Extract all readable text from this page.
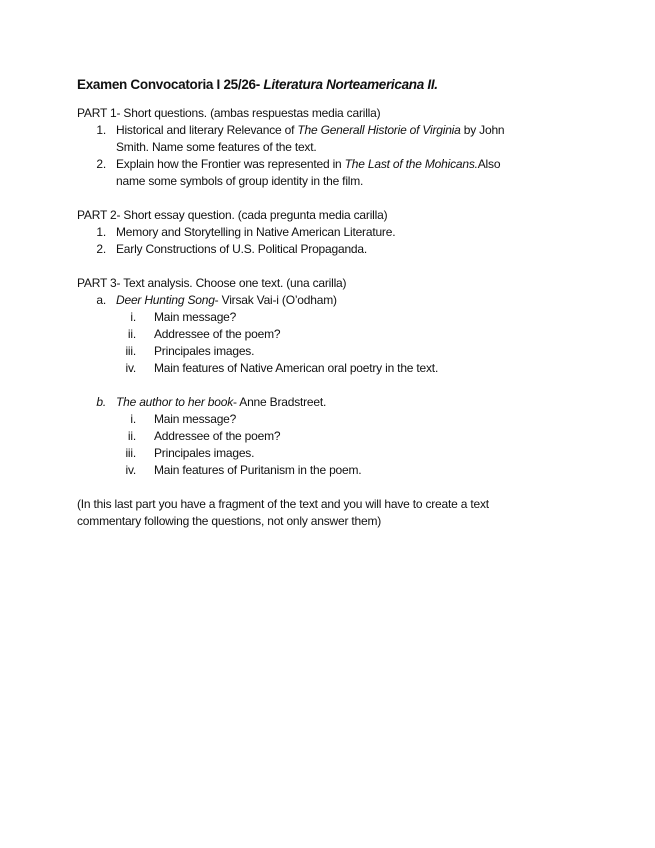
Examen Convocatoria I 25/26- Literatura Norteamericana II.
PART 1- Short questions. (ambas respuestas media carilla)
1. Historical and literary Relevance of The Generall Historie of Virginia by John
Smith. Name some features of the text.
2. Explain how the Frontier was represented in The Last of the Mohicans.Also
name some symbols of group identity in the film.
PART 2- Short essay question. (cada pregunta media carilla)
1. Memory and Storytelling in Native American Literature.
2. Early Constructions of U.S. Political Propaganda.
PART 3- Text analysis. Choose one text. (una carilla)
a. Deer Hunting Song- Virsak Vai-i (O’odham)
i. Main message?
ii. Addressee of the poem?
iii. Principales images.
iv. Main features of Native American oral poetry in the text.
b. The author to her book- Anne Bradstreet.
i. Main message?
ii. Addressee of the poem?
iii. Principales images.
iv. Main features of Puritanism in the poem.
(In this last part you have a fragment of the text and you will have to create a text
commentary following the questions, not only answer them)
